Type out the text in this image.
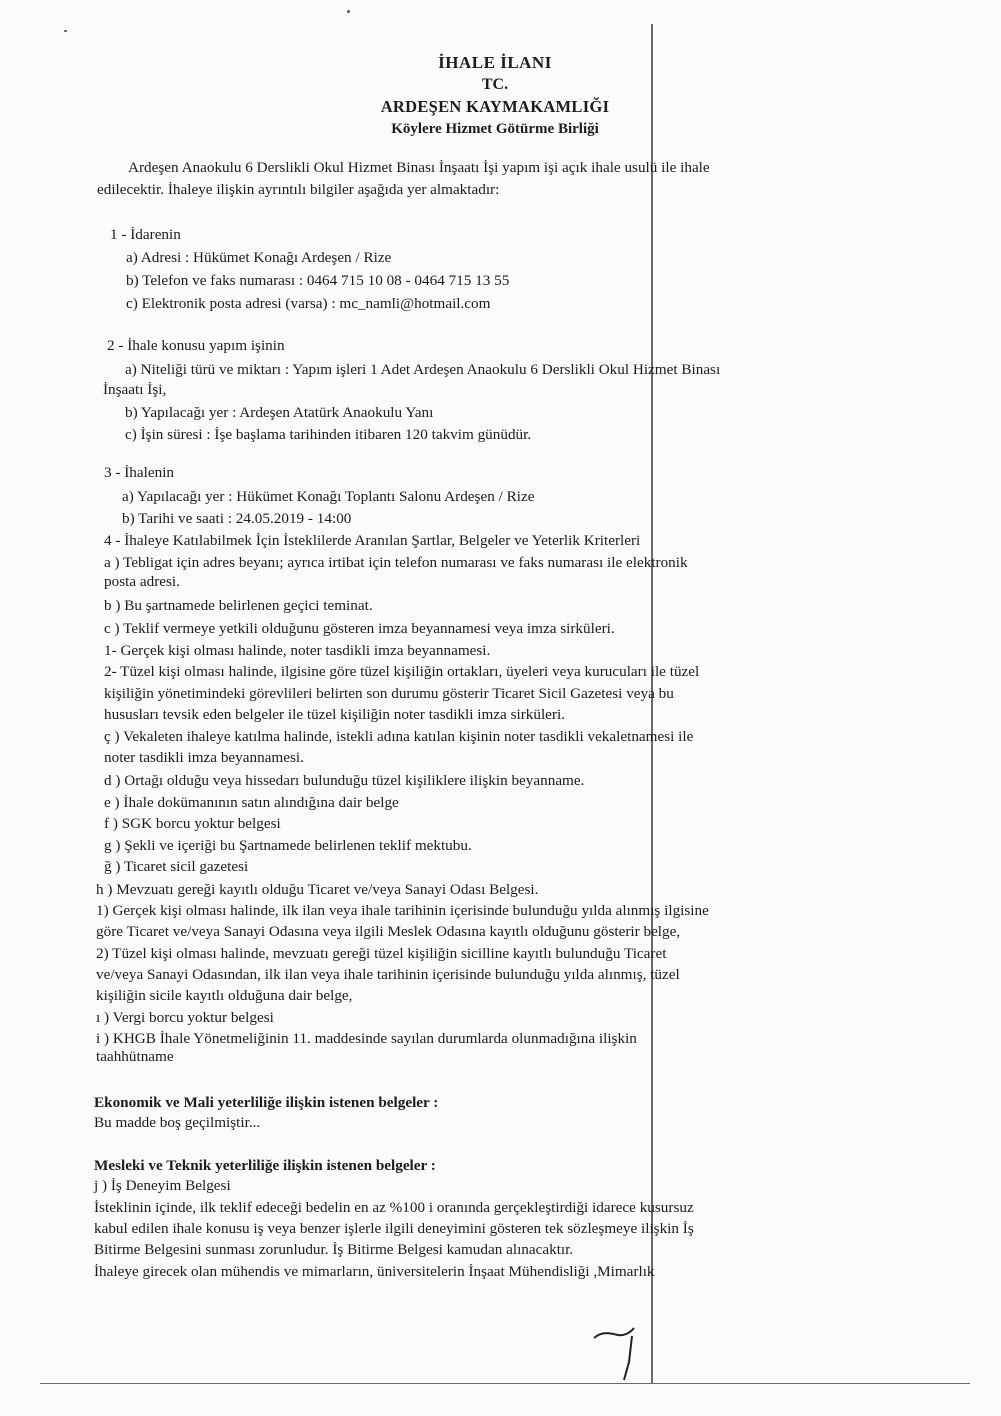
İHALE İLANI
TC.
ARDEŞEN KAYMAKAMLIĞI
Köylere Hizmet Götürme Birliği
Ardeşen Anaokulu 6 Derslikli Okul Hizmet Binası İnşaatı İşi yapım işi açık ihale usulü ile ihale
edilecektir. İhaleye ilişkin ayrıntılı bilgiler aşağıda yer almaktadır:
1 - İdarenin
a) Adresi : Hükümet Konağı Ardeşen / Rize
b) Telefon ve faks numarası : 0464 715 10 08 - 0464 715 13 55
c) Elektronik posta adresi (varsa) : mc_namli@hotmail.com
2 - İhale konusu yapım işinin
a) Niteliği türü ve miktarı : Yapım işleri 1 Adet Ardeşen Anaokulu 6 Derslikli Okul Hizmet Binası
İnşaatı İşi,
b) Yapılacağı yer : Ardeşen Atatürk Anaokulu Yanı
c) İşin süresi : İşe başlama tarihinden itibaren 120 takvim günüdür.
3 - İhalenin
a) Yapılacağı yer : Hükümet Konağı Toplantı Salonu Ardeşen / Rize
b) Tarihi ve saati : 24.05.2019 - 14:00
4 - İhaleye Katılabilmek İçin İsteklilerde Aranılan Şartlar, Belgeler ve Yeterlik Kriterleri
a ) Tebligat için adres beyanı; ayrıca irtibat için telefon numarası ve faks numarası ile elektronik
posta adresi.
b ) Bu şartnamede belirlenen geçici teminat.
c ) Teklif vermeye yetkili olduğunu gösteren imza beyannamesi veya imza sirküleri.
1- Gerçek kişi olması halinde, noter tasdikli imza beyannamesi.
2- Tüzel kişi olması halinde, ilgisine göre tüzel kişiliğin ortakları, üyeleri veya kurucuları ile tüzel
kişiliğin yönetimindeki görevlileri belirten son durumu gösterir Ticaret Sicil Gazetesi veya bu
hususları tevsik eden belgeler ile tüzel kişiliğin noter tasdikli imza sirküleri.
ç ) Vekaleten ihaleye katılma halinde, istekli adına katılan kişinin noter tasdikli vekaletnamesi ile
noter tasdikli imza beyannamesi.
d ) Ortağı olduğu veya hissedarı bulunduğu tüzel kişiliklere ilişkin beyanname.
e ) İhale dokümanının satın alındığına dair belge
f ) SGK borcu yoktur belgesi
g ) Şekli ve içeriği bu Şartnamede belirlenen teklif mektubu.
ğ ) Ticaret sicil gazetesi
h ) Mevzuatı gereği kayıtlı olduğu Ticaret ve/veya Sanayi Odası Belgesi.
1) Gerçek kişi olması halinde, ilk ilan veya ihale tarihinin içerisinde bulunduğu yılda alınmış ilgisine
göre Ticaret ve/veya Sanayi Odasına veya ilgili Meslek Odasına kayıtlı olduğunu gösterir belge,
2) Tüzel kişi olması halinde, mevzuatı gereği tüzel kişiliğin sicilline kayıtlı bulunduğu Ticaret
ve/veya Sanayi Odasından, ilk ilan veya ihale tarihinin içerisinde bulunduğu yılda alınmış, tüzel
kişiliğin sicile kayıtlı olduğuna dair belge,
ı ) Vergi borcu yoktur belgesi
i ) KHGB İhale Yönetmeliğinin 11. maddesinde sayılan durumlarda olunmadığına ilişkin
taahhütname
Ekonomik ve Mali yeterliliğe ilişkin istenen belgeler :
Bu madde boş geçilmiştir...
Mesleki ve Teknik yeterliliğe ilişkin istenen belgeler :
j ) İş Deneyim Belgesi
İsteklinin içinde, ilk teklif edeceği bedelin en az %100 i oranında gerçekleştirdiği idarece kusursuz
kabul edilen ihale konusu iş veya benzer işlerle ilgili deneyimini gösteren tek sözleşmeye ilişkin İş
Bitirme Belgesini sunması zorunludur. İş Bitirme Belgesi kamudan alınacaktır.
İhaleye girecek olan mühendis ve mimarların, üniversitelerin İnşaat Mühendisliği ,Mimarlık
